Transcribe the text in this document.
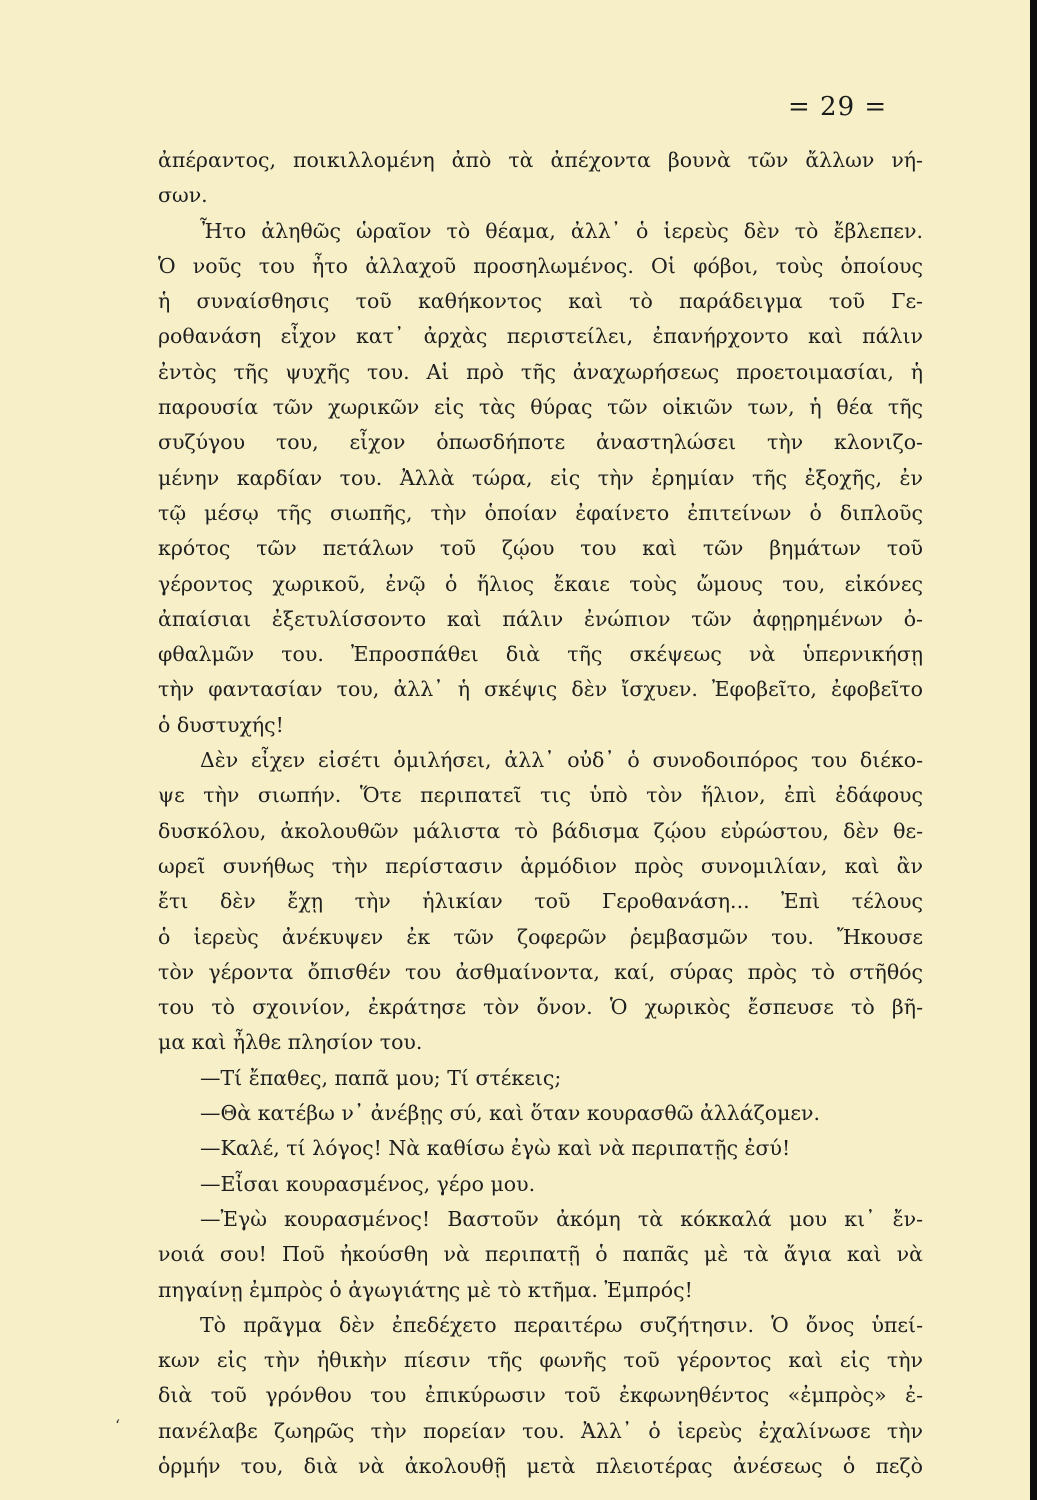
= 29 =
ἀπέραντος, ποικιλλομένη ἀπὸ τὰ ἀπέχοντα βουνὰ τῶν ἄλλων νή-
σων.
Ἦτο ἀληθῶς ὡραῖον τὸ θέαμα, ἀλλ᾽ ὁ ἱερεὺς δὲν τὸ ἔβλεπεν.
Ὁ νοῦς του ἦτο ἀλλαχοῦ προσηλωμένος. Οἱ φόβοι, τοὺς ὁποίους
ἡ συναίσθησις τοῦ καθήκοντος καὶ τὸ παράδειγμα τοῦ Γε-
ροθανάση εἶχον κατ᾽ ἀρχὰς περιστείλει, ἐπανήρχοντο καὶ πάλιν
ἐντὸς τῆς ψυχῆς του. Αἱ πρὸ τῆς ἀναχωρήσεως προετοιμασίαι, ἡ
παρουσία τῶν χωρικῶν εἰς τὰς θύρας τῶν οἰκιῶν των, ἡ θέα τῆς
συζύγου του, εἶχον ὁπωσδήποτε ἀναστηλώσει τὴν κλονιζο-
μένην καρδίαν του. Ἀλλὰ τώρα, εἰς τὴν ἐρημίαν τῆς ἐξοχῆς, ἐν
τῷ μέσῳ τῆς σιωπῆς, τὴν ὁποίαν ἐφαίνετο ἐπιτείνων ὁ διπλοῦς
κρότος τῶν πετάλων τοῦ ζῴου του καὶ τῶν βημάτων τοῦ
γέροντος χωρικοῦ, ἐνῷ ὁ ἥλιος ἔκαιε τοὺς ὤμους του, εἰκόνες
ἀπαίσιαι ἐξετυλίσσοντο καὶ πάλιν ἐνώπιον τῶν ἀφῃρημένων ὀ-
φθαλμῶν του. Ἐπροσπάθει διὰ τῆς σκέψεως νὰ ὑπερνικήσῃ
τὴν φαντασίαν του, ἀλλ᾽ ἡ σκέψις δὲν ἴσχυεν. Ἐφοβεῖτο, ἐφοβεῖτο
ὁ δυστυχής!
Δὲν εἶχεν εἰσέτι ὁμιλήσει, ἀλλ᾽ οὐδ᾽ ὁ συνοδοιπόρος του διέκο-
ψε τὴν σιωπήν. Ὅτε περιπατεῖ τις ὑπὸ τὸν ἥλιον, ἐπὶ ἐδάφους
δυσκόλου, ἀκολουθῶν μάλιστα τὸ βάδισμα ζῴου εὐρώστου, δὲν θε-
ωρεῖ συνήθως τὴν περίστασιν ἁρμόδιον πρὸς συνομιλίαν, καὶ ἂν
ἔτι δὲν ἔχῃ τὴν ἡλικίαν τοῦ Γεροθανάση... Ἐπὶ τέλους
ὁ ἱερεὺς ἀνέκυψεν ἐκ τῶν ζοφερῶν ῥεμβασμῶν του. Ἤκουσε
τὸν γέροντα ὄπισθέν του ἀσθμαίνοντα, καί, σύρας πρὸς τὸ στῆθός
του τὸ σχοινίον, ἐκράτησε τὸν ὄνον. Ὁ χωρικὸς ἔσπευσε τὸ βῆ-
μα καὶ ἦλθε πλησίον του.
—Τί ἔπαθες, παπᾶ μου; Τί στέκεις;
—Θὰ κατέβω ν᾽ ἀνέβῃς σύ, καὶ ὅταν κουρασθῶ ἀλλάζομεν.
—Καλέ, τί λόγος! Νὰ καθίσω ἐγὼ καὶ νὰ περιπατῇς ἐσύ!
—Εἶσαι κουρασμένος, γέρο μου.
—Ἐγὼ κουρασμένος! Βαστοῦν ἀκόμη τὰ κόκκαλά μου κι᾽ ἔν-
νοιά σου! Ποῦ ἠκούσθη νὰ περιπατῇ ὁ παπᾶς μὲ τὰ ἄγια καὶ νὰ
πηγαίνῃ ἐμπρὸς ὁ ἀγωγιάτης μὲ τὸ κτῆμα. Ἐμπρός!
Τὸ πρᾶγμα δὲν ἐπεδέχετο περαιτέρω συζήτησιν. Ὁ ὄνος ὑπεί-
κων εἰς τὴν ἠθικὴν πίεσιν τῆς φωνῆς τοῦ γέροντος καὶ εἰς τὴν
διὰ τοῦ γρόνθου του ἐπικύρωσιν τοῦ ἐκφωνηθέντος «ἐμπρὸς» ἐ-
πανέλαβε ζωηρῶς τὴν πορείαν του. Ἀλλ᾽ ὁ ἱερεὺς ἐχαλίνωσε τὴν
ὁρμήν του, διὰ νὰ ἀκολουθῇ μετὰ πλειοτέρας ἀνέσεως ὁ πεζὸ
ʻ
